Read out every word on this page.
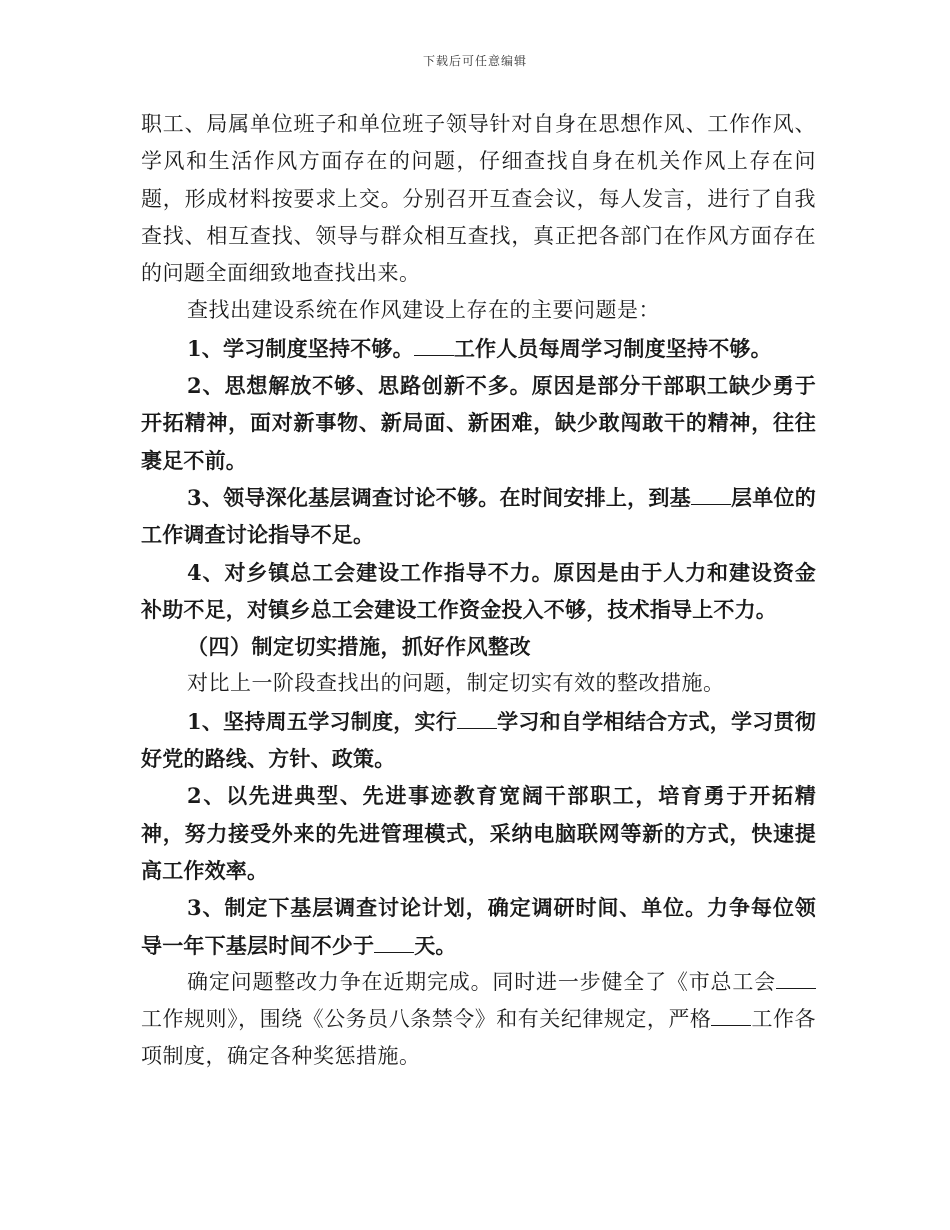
下载后可任意编辑

职工、局属单位班子和单位班子领导针对自身在思想作风、工作作风、学风和生活作风方面存在的问题，仔细查找自身在机关作风上存在问题，形成材料按要求上交。分别召开互查会议，每人发言，进行了自我查找、相互查找、领导与群众相互查找，真正把各部门在作风方面存在的问题全面细致地查找出来。

查找出建设系统在作风建设上存在的主要问题是：

1、学习制度坚持不够。 工作人员每周学习制度坚持不够。

2、思想解放不够、思路创新不多。原因是部分干部职工缺少勇于开拓精神，面对新事物、新局面、新困难，缺少敢闯敢干的精神，往往裹足不前。

3、领导深化基层调查讨论不够。在时间安排上，到基 层单位的工作调查讨论指导不足。

4、对乡镇总工会建设工作指导不力。原因是由于人力和建设资金补助不足，对镇乡总工会建设工作资金投入不够，技术指导上不力。

（四）制定切实措施，抓好作风整改

对比上一阶段查找出的问题，制定切实有效的整改措施。

1、坚持周五学习制度，实行 学习和自学相结合方式，学习贯彻好党的路线、方针、政策。

2、以先进典型、先进事迹教育宽阔干部职工，培育勇于开拓精神，努力接受外来的先进管理模式，采纳电脑联网等新的方式，快速提高工作效率。

3、制定下基层调查讨论计划，确定调研时间、单位。力争每位领导一年下基层时间不少于 天。

确定问题整改力争在近期完成。同时进一步健全了《市总工会工作规则》，围绕《公务员八条禁令》和有关纪律规定，严格 工作各项制度，确定各种奖惩措施。
